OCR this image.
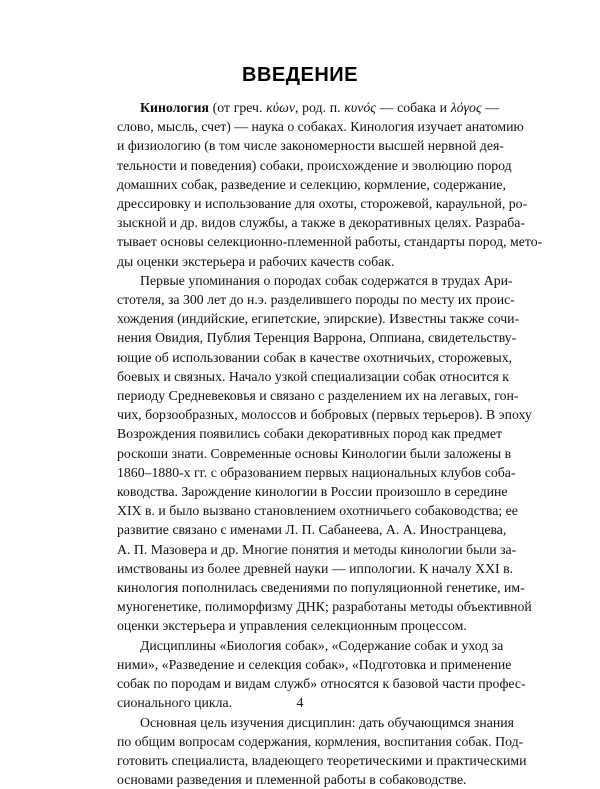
ВВЕДЕНИЕ

Кинология (от греч. κύων, род. п. κυνός — собака и λόγος —
слово, мысль, счет) — наука о собаках. Кинология изучает анатомию
и физиологию (в том числе закономерности высшей нервной дея-
тельности и поведения) собаки, происхождение и эволюцию пород
домашних собак, разведение и селекцию, кормление, содержание,
дрессировку и использование для охоты, сторожевой, караульной, ро-
зыскной и др. видов службы, а также в декоративных целях. Разраба-
тывает основы селекционно-племенной работы, стандарты пород, мето-
ды оценки экстерьера и рабочих качеств собак.

Первые упоминания о породах собак содержатся в трудах Ари-
стотеля, за 300 лет до н.э. разделившего породы по месту их проис-
хождения (индийские, египетские, эпирские). Известны также сочи-
нения Овидия, Публия Теренция Варрона, Оппиана, свидетельству-
ющие об использовании собак в качестве охотничьих, сторожевых,
боевых и связных. Начало узкой специализации собак относится к
периоду Средневековья и связано с разделением их на легавых, гон-
чих, борзообразных, молоссов и бобровых (первых терьеров). В эпоху
Возрождения появились собаки декоративных пород как предмет
роскоши знати. Современные основы Кинологии были заложены в
1860–1880-х гг. с образованием первых национальных клубов соба-
ководства. Зарождение кинологии в России произошло в середине
XIX в. и было вызвано становлением охотничьего собаководства; ее
развитие связано с именами Л. П. Сабанеева, А. А. Иностранцева,
А. П. Мазовера и др. Многие понятия и методы кинологии были за-
имствованы из более древней науки — иппологии. К началу XXI в.
кинология пополнилась сведениями по популяционной генетике, им-
муногенетике, полиморфизму ДНК; разработаны методы объективной
оценки экстерьера и управления селекционным процессом.

Дисциплины «Биология собак», «Содержание собак и уход за
ними», «Разведение и селекция собак», «Подготовка и применение
собак по породам и видам служб» относятся к базовой части профес-
сионального цикла.

Основная цель изучения дисциплин: дать обучающимся знания
по общим вопросам содержания, кормления, воспитания собак. Под-
готовить специалиста, владеющего теоретическими и практическими
основами разведения и племенной работы в собаководстве.

4
